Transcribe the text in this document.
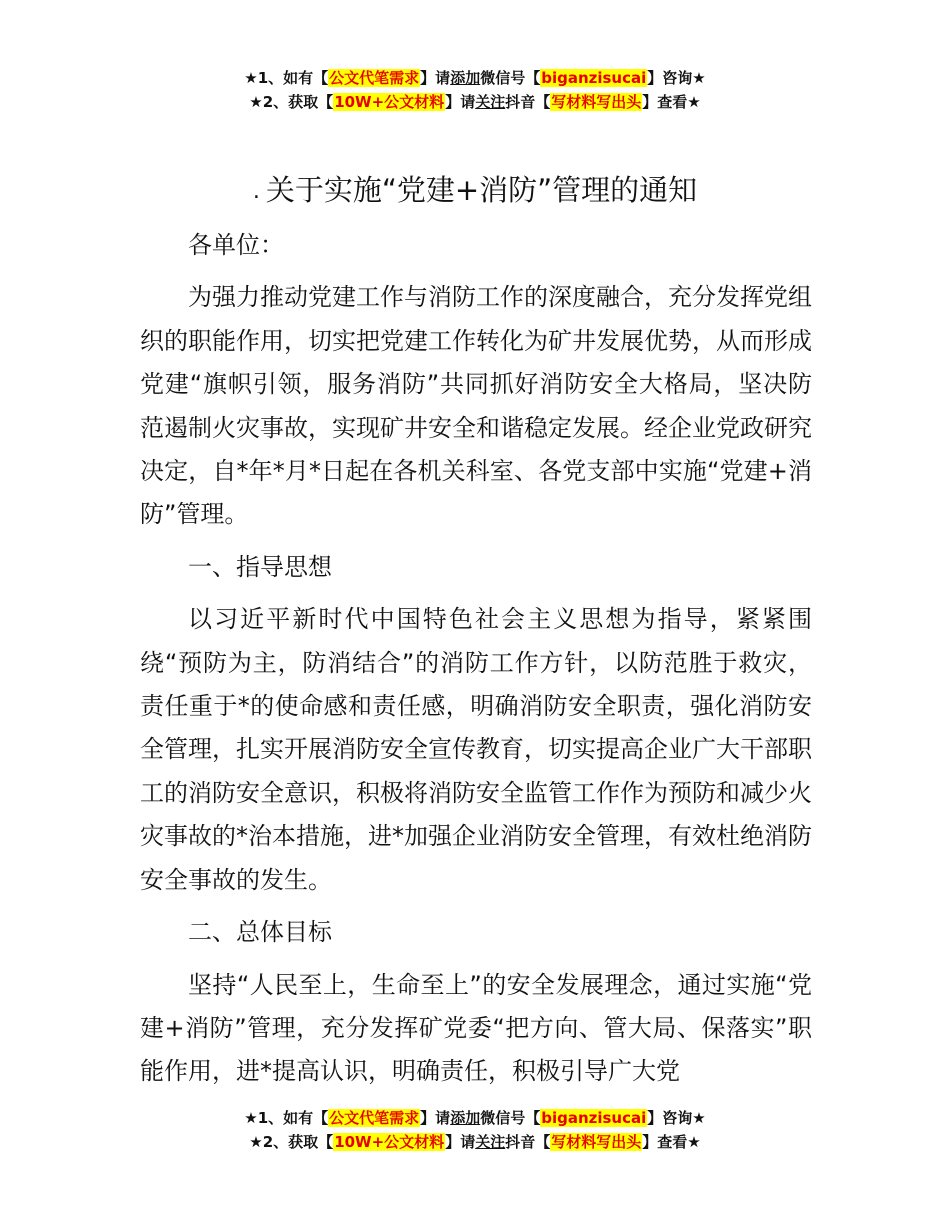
★1、如有【公文代笔需求】请添加微信号【biganzisucai】咨询★
★2、获取【10W+公文材料】请关注抖音【写材料写出头】查看★
. 关于实施“党建+消防”管理的通知

各单位：

为强力推动党建工作与消防工作的深度融合，充分发挥党组织的职能作用，切实把党建工作转化为矿井发展优势，从而形成党建“旗帜引领，服务消防”共同抓好消防安全大格局，坚决防范遏制火灾事故，实现矿井安全和谐稳定发展。经企业党政研究决定，自*年*月*日起在各机关科室、各党支部中实施“党建+消防”管理。

一、指导思想

以习近平新时代中国特色社会主义思想为指导，紧紧围绕“预防为主，防消结合”的消防工作方针，以防范胜于救灾，责任重于*的使命感和责任感，明确消防安全职责，强化消防安全管理，扎实开展消防安全宣传教育，切实提高企业广大干部职工的消防安全意识，积极将消防安全监管工作作为预防和减少火灾事故的*治本措施，进*加强企业消防安全管理，有效杜绝消防安全事故的发生。

二、总体目标

坚持“人民至上，生命至上”的安全发展理念，通过实施“党建+消防”管理，充分发挥矿党委“把方向、管大局、保落实”职能作用，进*提高认识，明确责任，积极引导广大党

★1、如有【公文代笔需求】请添加微信号【biganzisucai】咨询★
★2、获取【10W+公文材料】请关注抖音【写材料写出头】查看★
